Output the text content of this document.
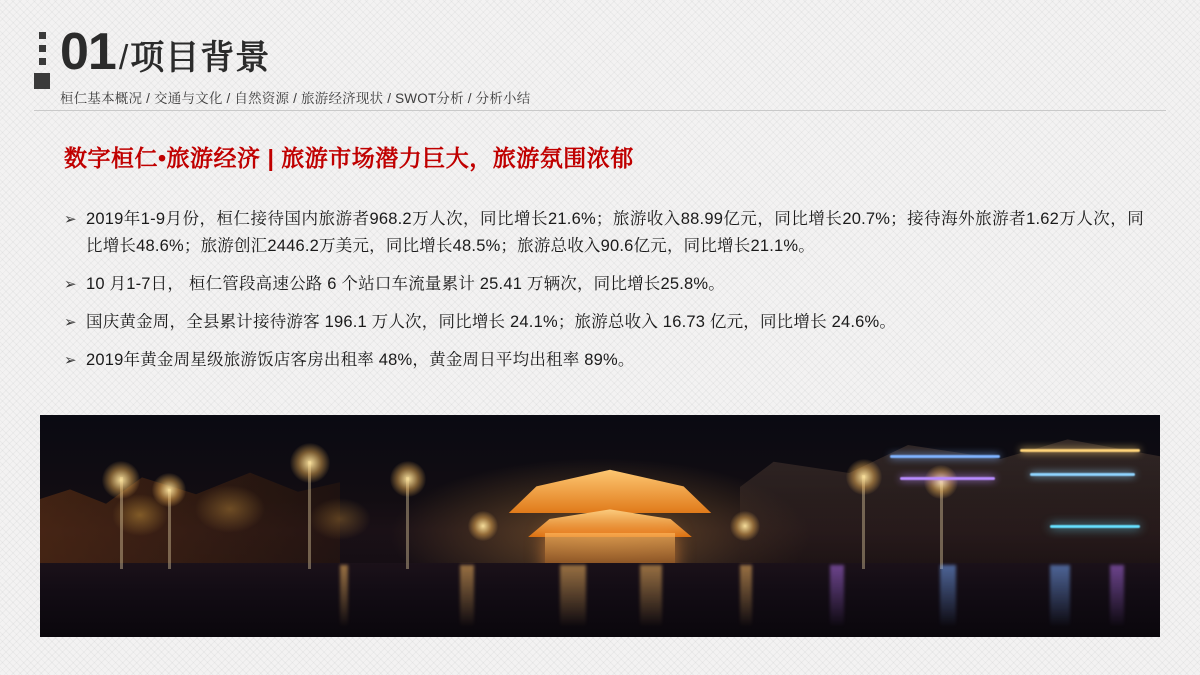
01 / 项目背景
桓仁基本概况 / 交通与文化 / 自然资源 / 旅游经济现状 / SWOT分析 / 分析小结
数字桓仁•旅游经济 | 旅游市场潜力巨大，旅游氛围浓郁
➢ 2019年1-9月份，桓仁接待国内旅游者968.2万人次，同比增长21.6%；旅游收入88.99亿元，同比增长20.7%；接待海外旅游者1.62万人次，同比增长48.6%；旅游创汇2446.2万美元，同比增长48.5%；旅游总收入90.6亿元，同比增长21.1%。
➢ 10 月1-7日， 桓仁管段高速公路 6 个站口车流量累计 25.41 万辆次，同比增长25.8%。
➢ 国庆黄金周，全县累计接待游客 196.1 万人次，同比增长 24.1%；旅游总收入 16.73 亿元，同比增长 24.6%。
➢ 2019年黄金周星级旅游饭店客房出租率 48%，黄金周日平均出租率 89%。
